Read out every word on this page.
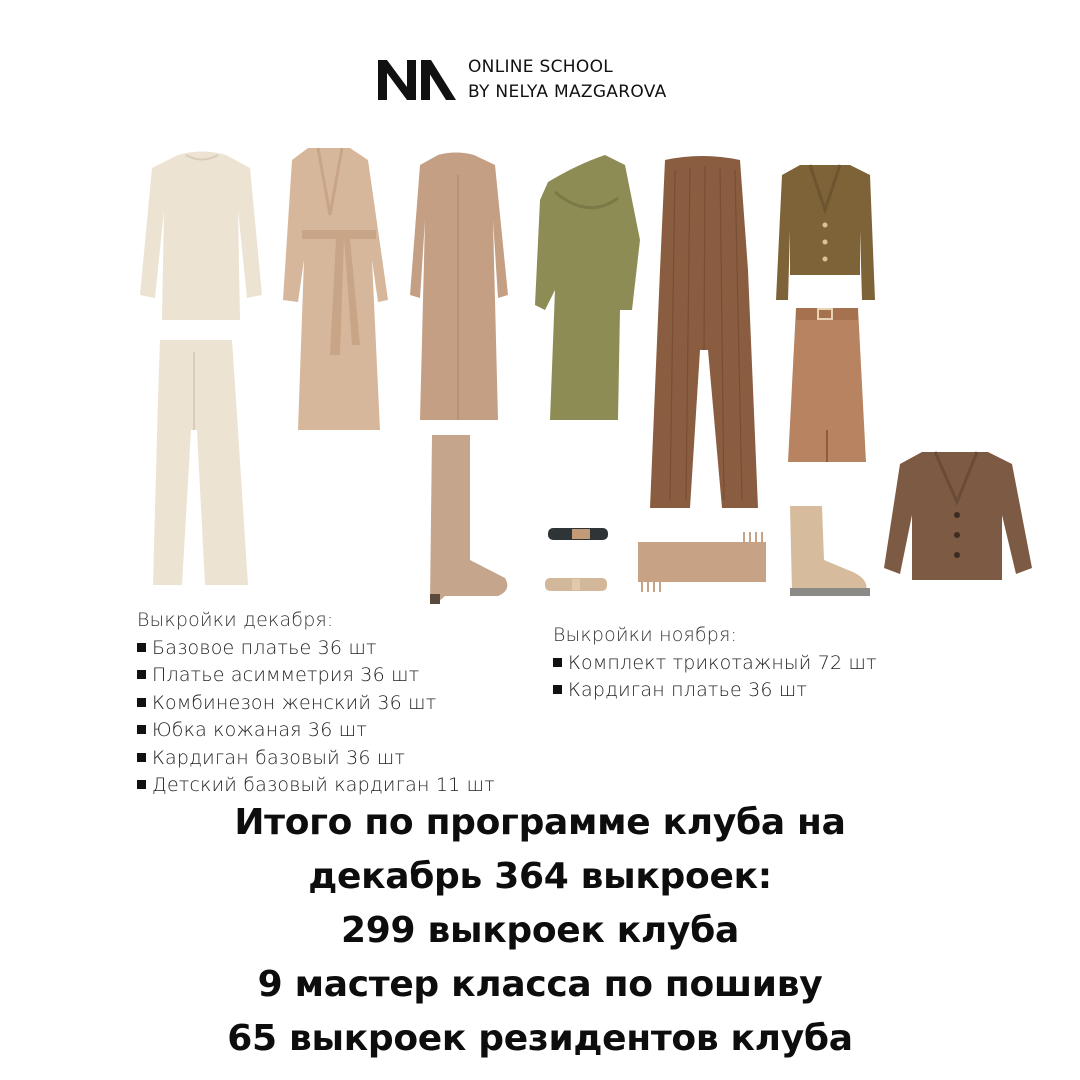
ONLINE SCHOOL
BY NELYA MAZGAROVA
Выкройки декабря:
Базовое платье 36 шт
Платье асимметрия 36 шт
Комбинезон женский 36 шт
Юбка кожаная 36 шт
Кардиган базовый 36 шт
Детский базовый кардиган 11 шт
Выкройки ноября:
Комплект трикотажный 72 шт
Кардиган платье 36 шт
Итого по программе клуба на
декабрь 364 выкроек:
299 выкроек клуба
9 мастер класса по пошиву
65 выкроек резидентов клуба
